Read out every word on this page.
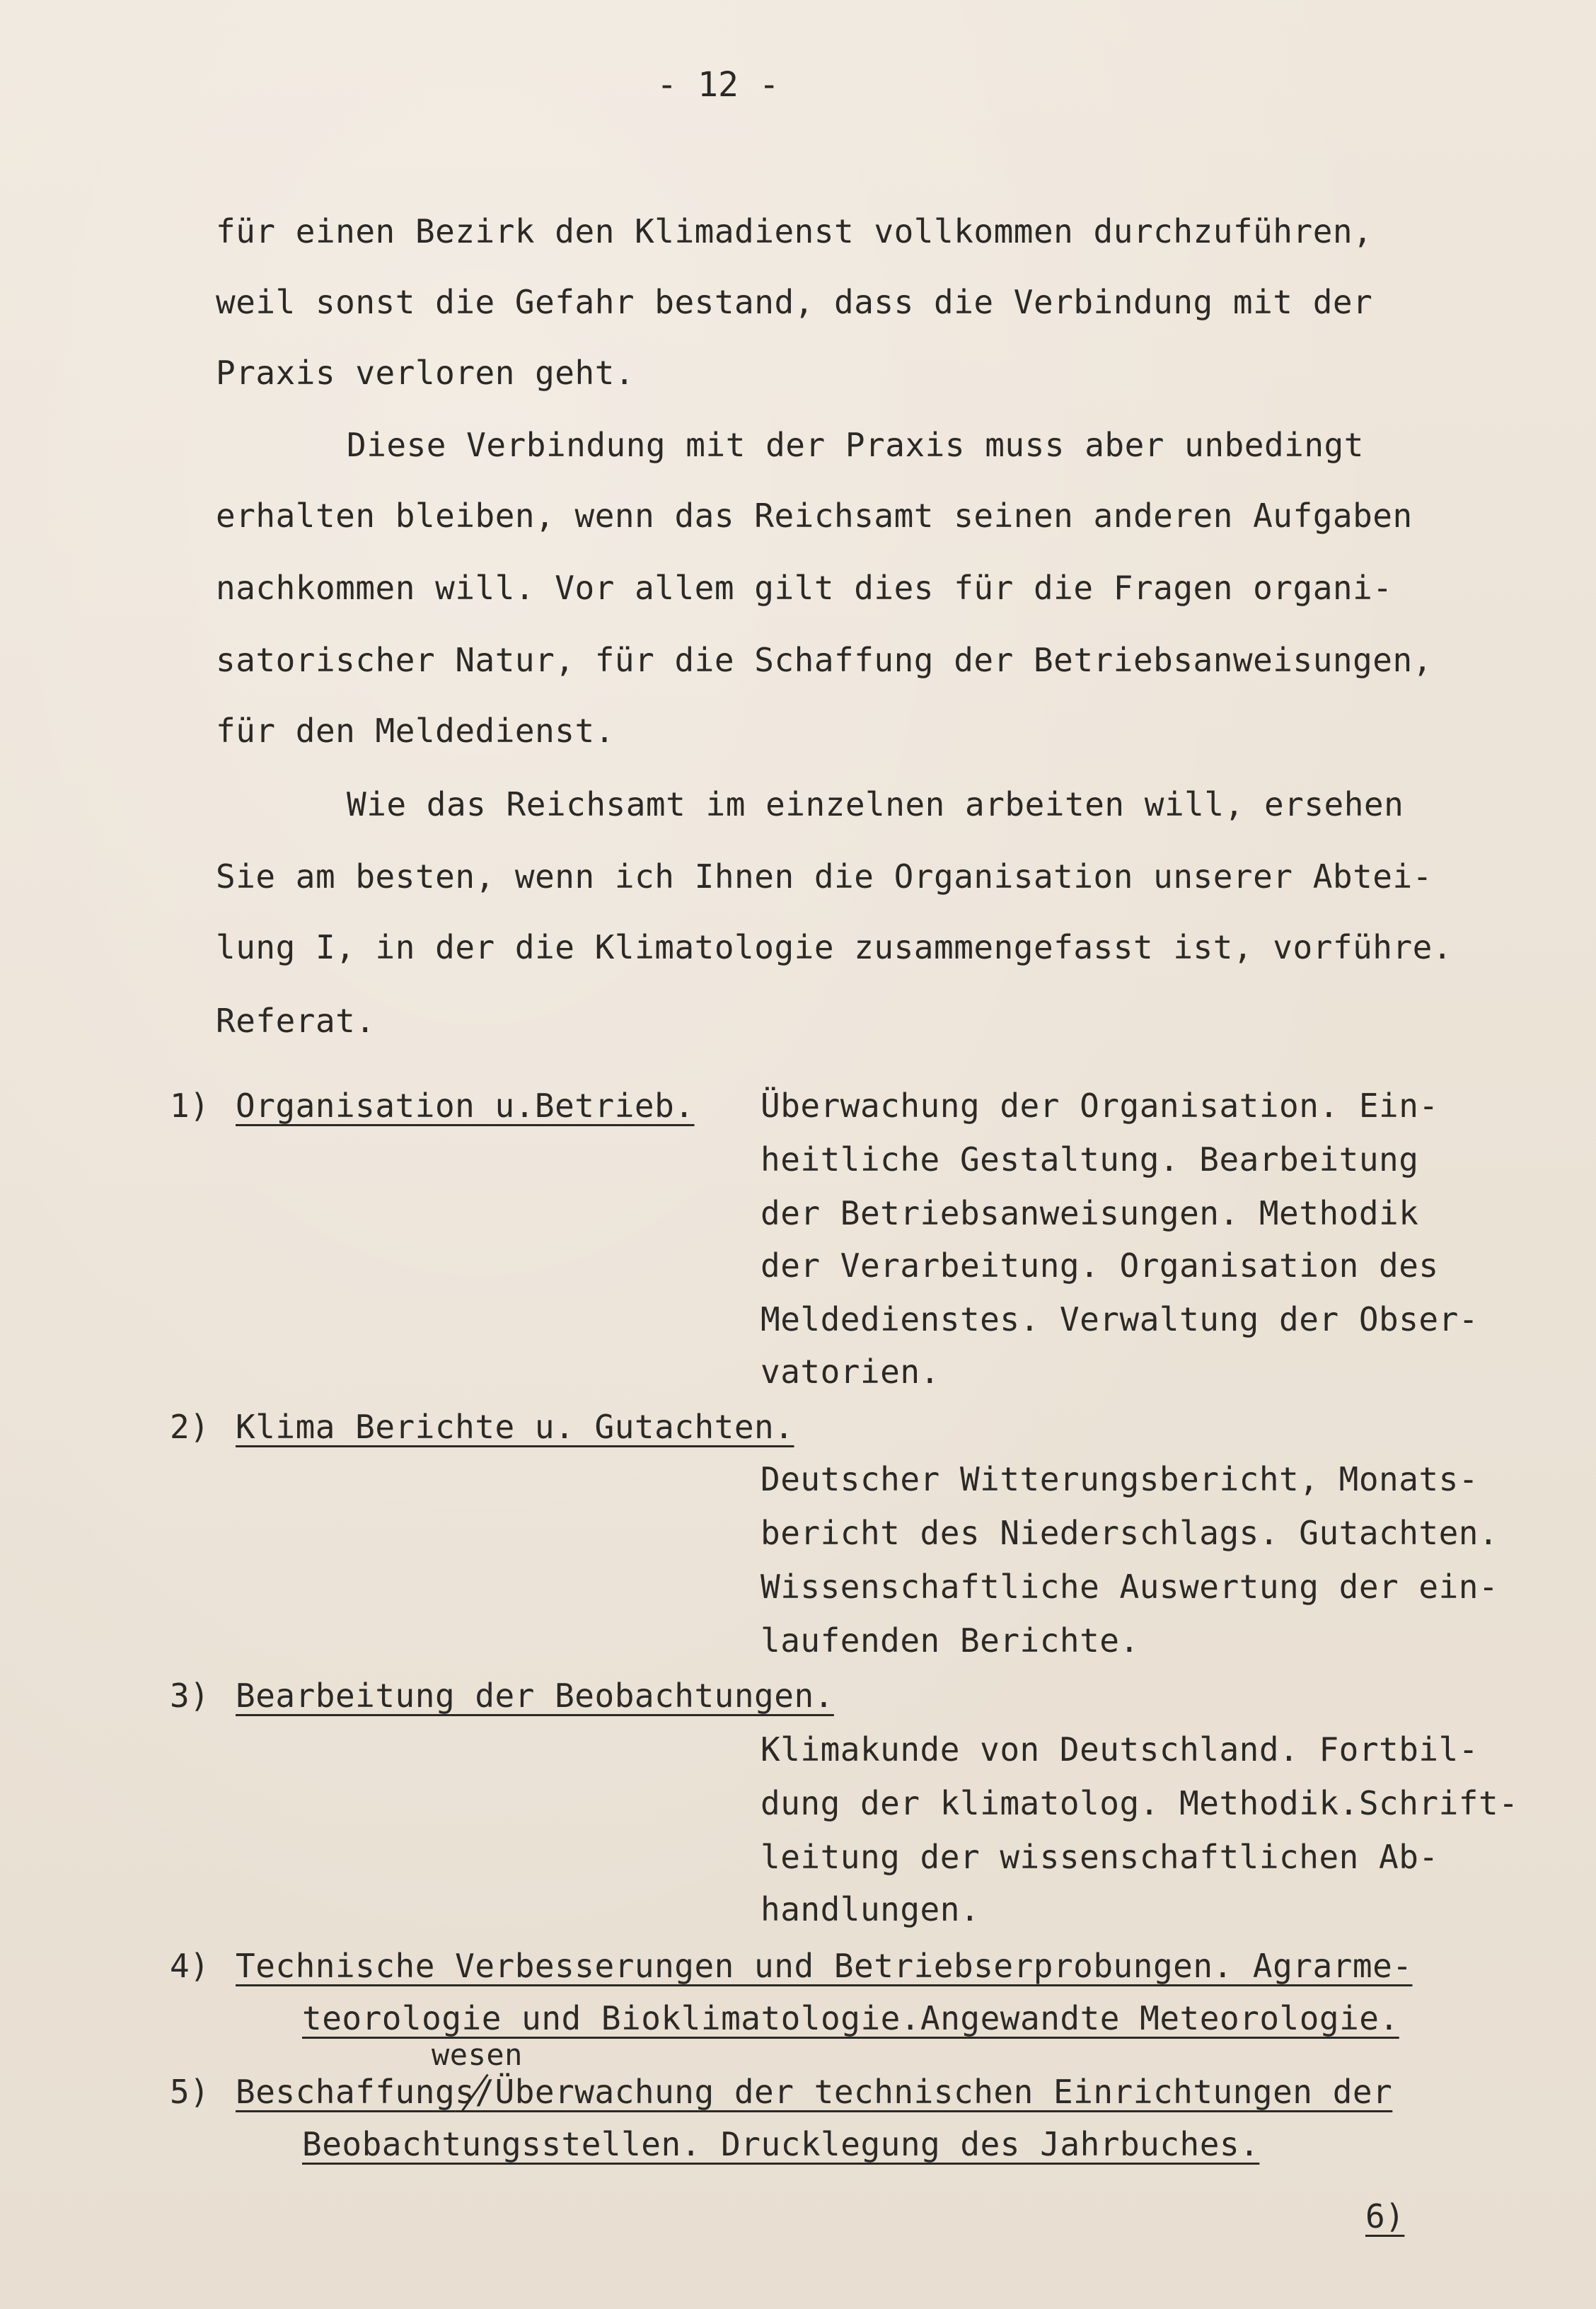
- 12 -
für einen Bezirk den Klimadienst vollkommen durchzuführen,
weil sonst die Gefahr bestand, dass die Verbindung mit der
Praxis verloren geht.
Diese Verbindung mit der Praxis muss aber unbedingt
erhalten bleiben, wenn das Reichsamt seinen anderen Aufgaben
nachkommen will. Vor allem gilt dies für die Fragen organi-
satorischer Natur, für die Schaffung der Betriebsanweisungen,
für den Meldedienst.
Wie das Reichsamt im einzelnen arbeiten will, ersehen
Sie am besten, wenn ich Ihnen die Organisation unserer Abtei-
lung I, in der die Klimatologie zusammengefasst ist, vorführe.
Referat.
1) Organisation u.Betrieb. Überwachung der Organisation. Ein-
heitliche Gestaltung. Bearbeitung
der Betriebsanweisungen. Methodik
der Verarbeitung. Organisation des
Meldedienstes. Verwaltung der Obser-
vatorien.
2) Klima Berichte u. Gutachten.
Deutscher Witterungsbericht, Monats-
bericht des Niederschlags. Gutachten.
Wissenschaftliche Auswertung der ein-
laufenden Berichte.
3) Bearbeitung der Beobachtungen.
Klimakunde von Deutschland. Fortbil-
dung der klimatolog. Methodik.Schrift-
leitung der wissenschaftlichen Ab-
handlungen.
4) Technische Verbesserungen und Betriebserprobungen. Agrarme-
teorologie und Bioklimatologie.Angewandte Meteorologie.
wesen
5) Beschaffungs/Überwachung der technischen Einrichtungen der
Beobachtungsstellen. Drucklegung des Jahrbuches.
6)
